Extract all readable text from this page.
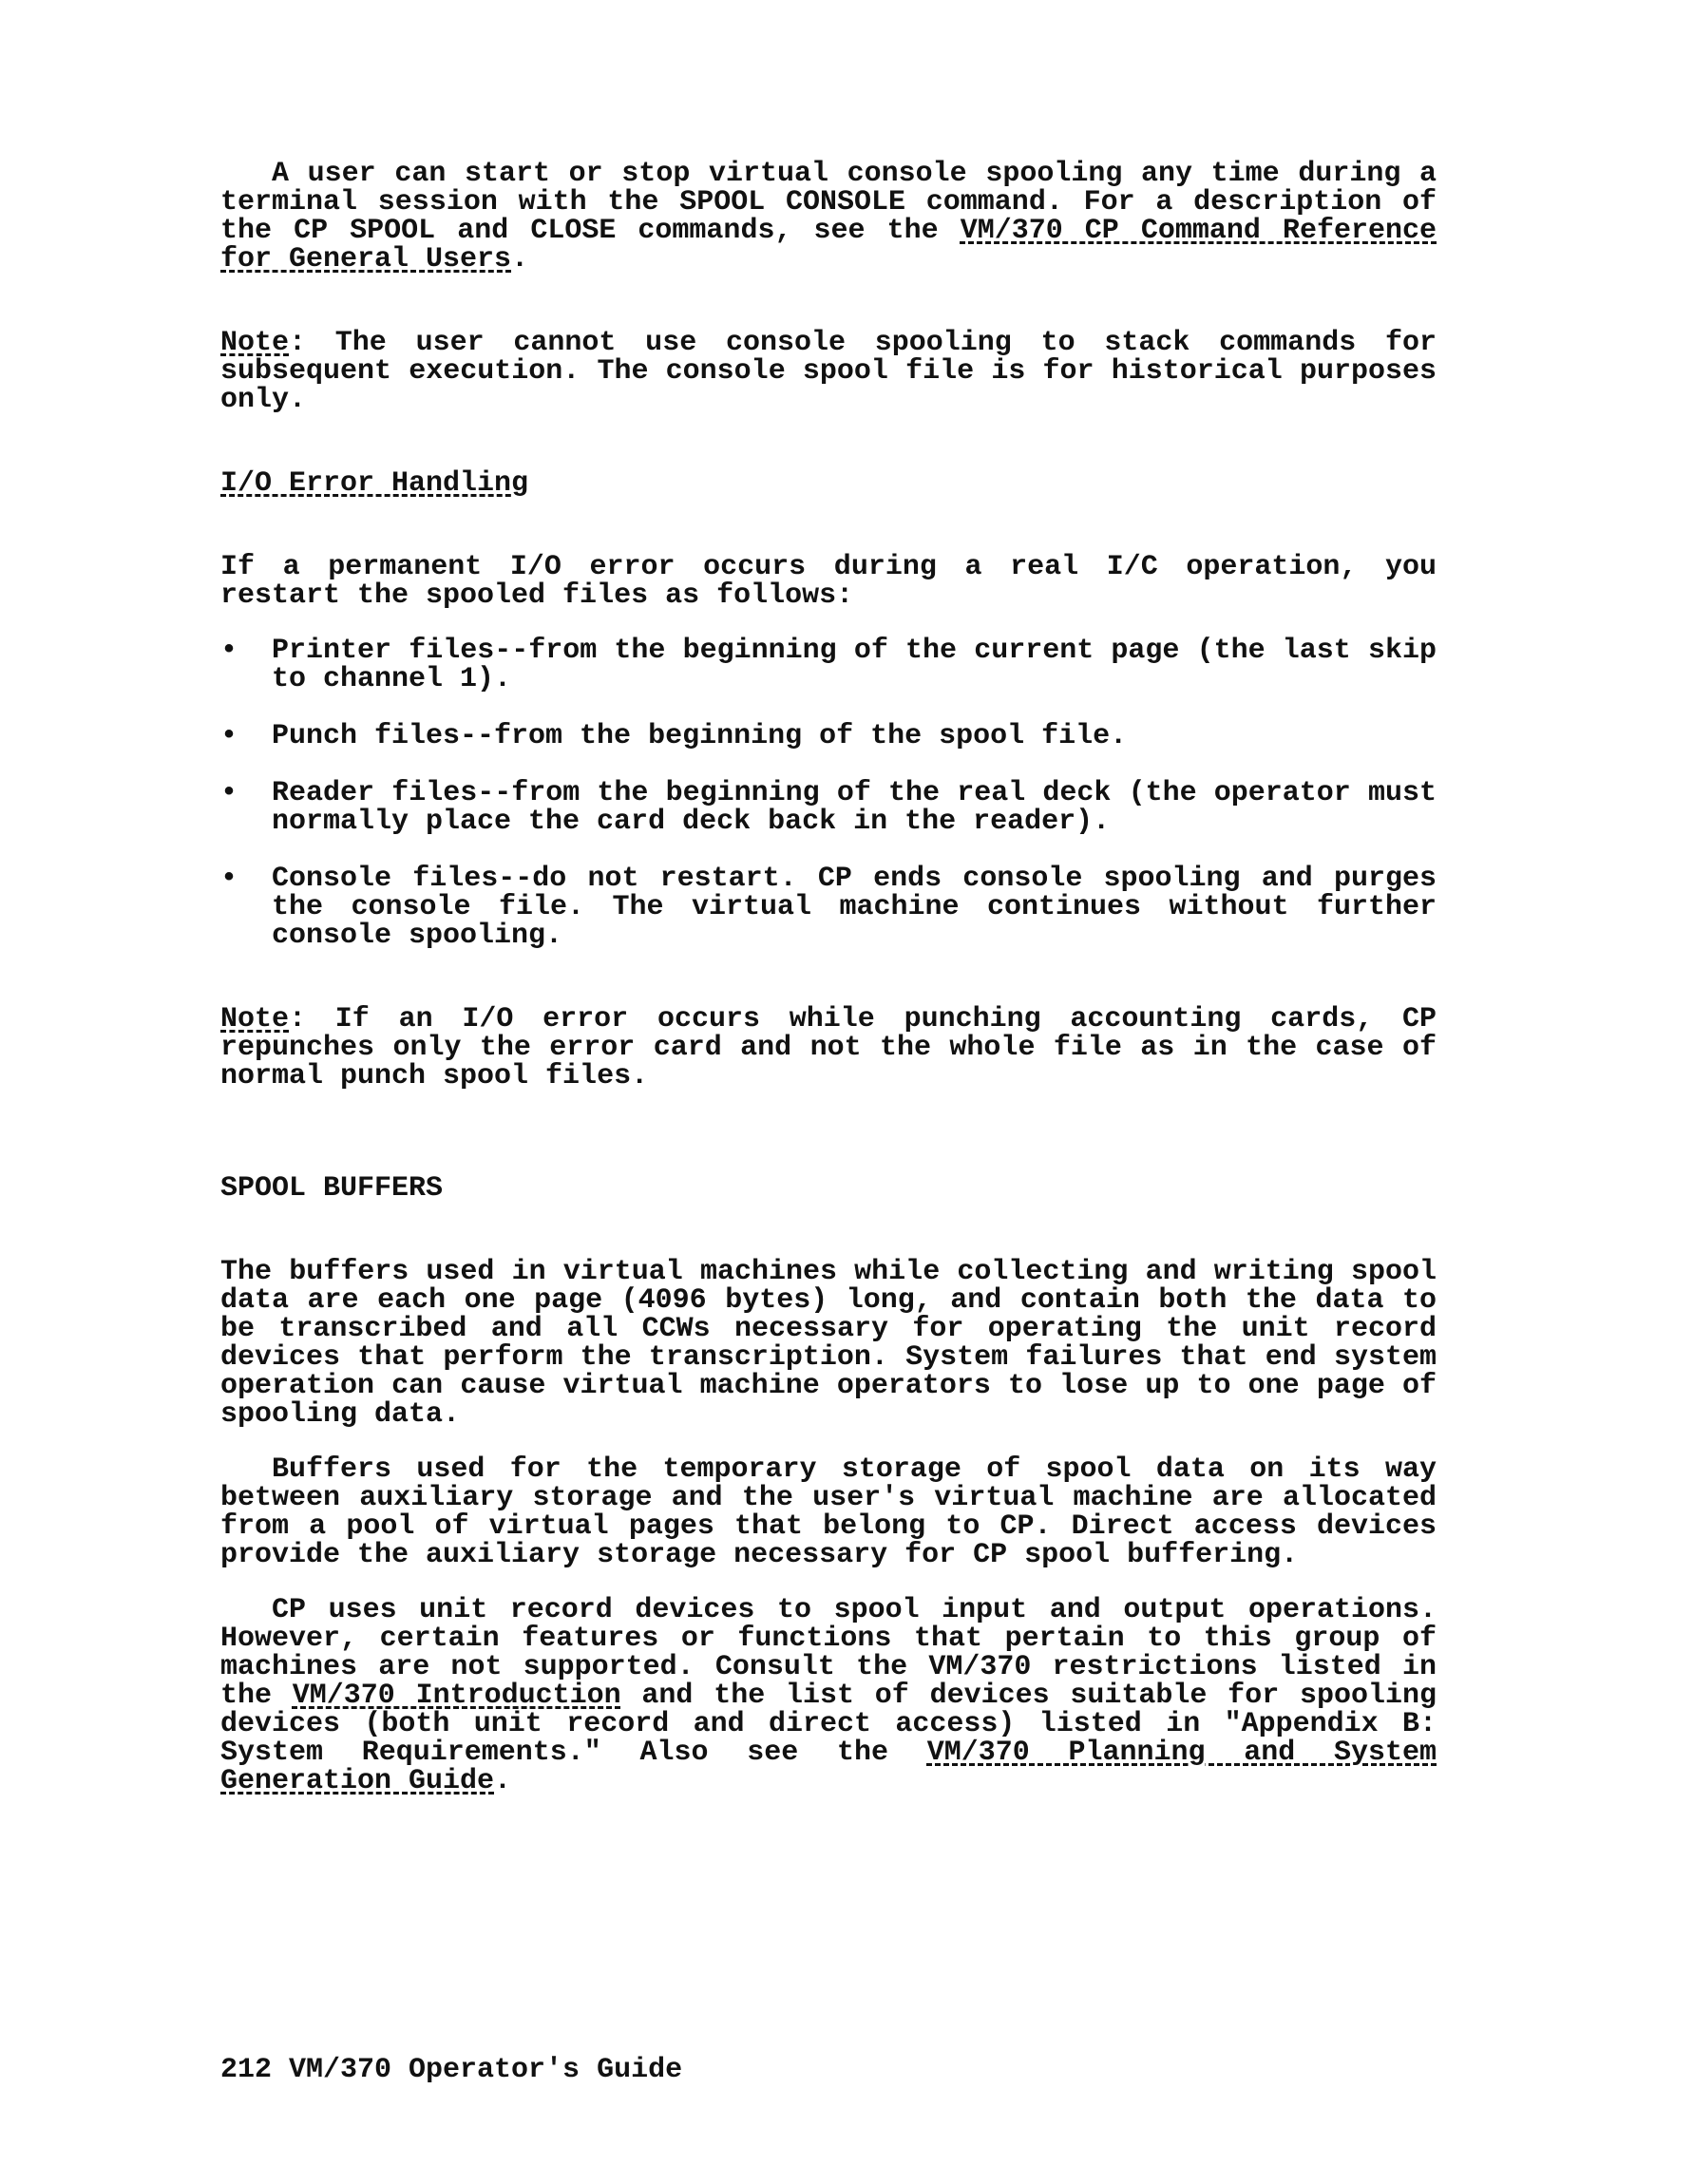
A user can start or stop virtual console spooling any time during a terminal session with the SPOOL CONSOLE command. For a description of the CP SPOOL and CLOSE commands, see the VM/370 CP Command Reference for General Users.

Note: The user cannot use console spooling to stack commands for subsequent execution. The console spool file is for historical purposes only.

I/O Error Handling

If a permanent I/O error occurs during a real I/C operation, you restart the spooled files as follows:

• Printer files--from the beginning of the current page (the last skip to channel 1).
• Punch files--from the beginning of the spool file.
• Reader files--from the beginning of the real deck (the operator must normally place the card deck back in the reader).
• Console files--do not restart. CP ends console spooling and purges the console file. The virtual machine continues without further console spooling.

Note: If an I/O error occurs while punching accounting cards, CP repunches only the error card and not the whole file as in the case of normal punch spool files.

SPOOL BUFFERS

The buffers used in virtual machines while collecting and writing spool data are each one page (4096 bytes) long, and contain both the data to be transcribed and all CCWs necessary for operating the unit record devices that perform the transcription. System failures that end system operation can cause virtual machine operators to lose up to one page of spooling data.

Buffers used for the temporary storage of spool data on its way between auxiliary storage and the user's virtual machine are allocated from a pool of virtual pages that belong to CP. Direct access devices provide the auxiliary storage necessary for CP spool buffering.

CP uses unit record devices to spool input and output operations. However, certain features or functions that pertain to this group of machines are not supported. Consult the VM/370 restrictions listed in the VM/370 Introduction and the list of devices suitable for spooling devices (both unit record and direct access) listed in "Appendix B: System Requirements." Also see the VM/370 Planning and System Generation Guide.

212 VM/370 Operator's Guide
